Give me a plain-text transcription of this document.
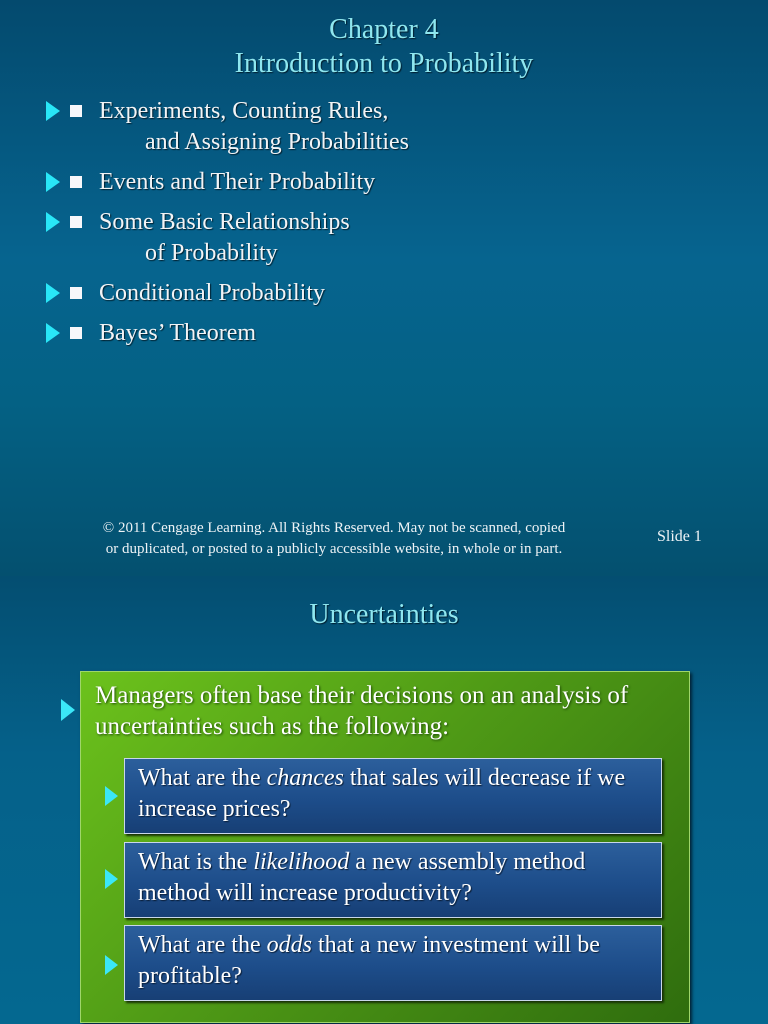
Chapter 4
Introduction to Probability
Experiments, Counting Rules,
and Assigning Probabilities
Events and Their Probability
Some Basic Relationships
of Probability
Conditional Probability
Bayes’ Theorem
© 2011 Cengage Learning. All Rights Reserved. May not be scanned, copied
or duplicated, or posted to a publicly accessible website, in whole or in part.
Slide 1
Uncertainties
Managers often base their decisions on an analysis of uncertainties such as the following:
What are the chances that sales will decrease if we increase prices?
What is the likelihood a new assembly method method will increase productivity?
What are the odds that a new investment will be profitable?
